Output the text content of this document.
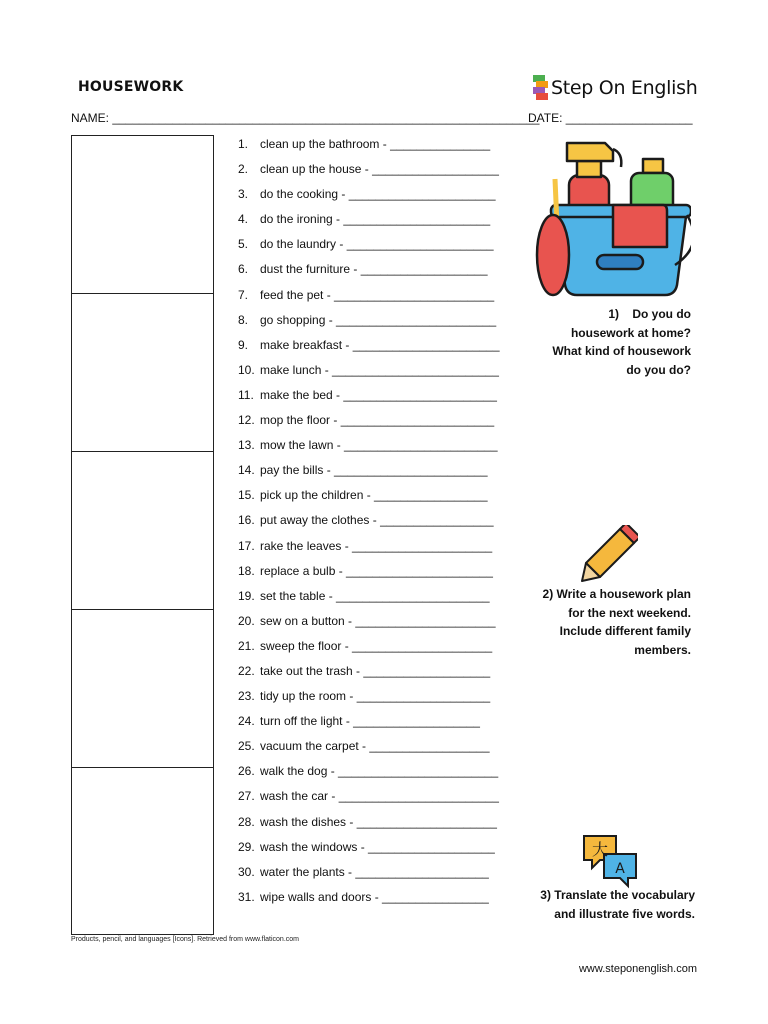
HOUSEWORK	Step On English
NAME: ________________________________________________________________
DATE: ___________________
1. clean up the bathroom - _______________
2. clean up the house - ___________________
3. do the cooking - ______________________
4. do the ironing - ______________________
5. do the laundry - ______________________
6. dust the furniture - ___________________
7. feed the pet - ________________________
8. go shopping - ________________________
9. make breakfast - ______________________
10. make lunch - _________________________
11. make the bed - _______________________
12. mop the floor - _______________________
13. mow the lawn - _______________________
14. pay the bills - _______________________
15. pick up the children - _________________
16. put away the clothes - _________________
17. rake the leaves - _____________________
18. replace a bulb - ______________________
19. set the table - _______________________
20. sew on a button - _____________________
21. sweep the floor - _____________________
22. take out the trash - ___________________
23. tidy up the room - ____________________
24. turn off the light - ___________________
25. vacuum the carpet - __________________
26. walk the dog - ________________________
27. wash the car - ________________________
28. wash the dishes - _____________________
29. wash the windows - ___________________
30. water the plants - ____________________
31. wipe walls and doors - ________________
1)    Do you do
housework at home?
What kind of housework
do you do?
2) Write a housework plan
for the next weekend.
Include different family
members.
大
A
3) Translate the vocabulary
and illustrate five words.
Products, pencil, and languages [Icons]. Retrieved from www.flaticon.com
www.steponenglish.com
